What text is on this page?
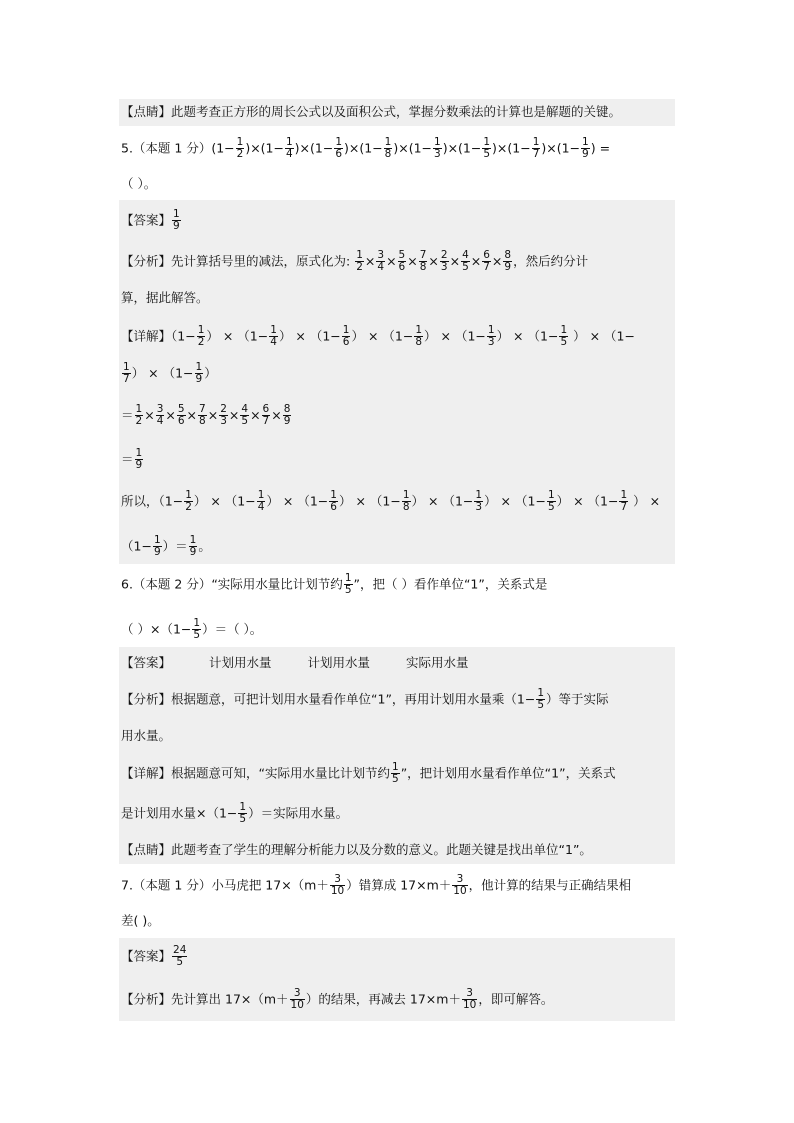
【点睛】此题考查正方形的周长公式以及面积公式，掌握分数乘法的计算也是解题的关键。
5.（本题 1 分）$(1- \frac{1}{2} )\times(1- \frac{1}{4} )\times(1- \frac{1}{6} )\times(1- \frac{1}{8} )\times(1- \frac{1}{3} )\times(1- \frac{1}{5} )\times(1- \frac{1}{7} )\times(1- \frac{1}{9}$ ) =
（ ）。
【答案】 $\frac{1}{9}$
【分析】先计算括号里的减法，原式化为: $\frac{1}{2} \times \frac{3}{4} \times \frac{5}{6} \times \frac{7}{8} \times \frac{2}{3} \times \frac{4}{5} \times \frac{6}{7} \times \frac{8}{9}$ ，然后约分计
算，据此解答。
【详解】（$1- \frac{1}{2}$ ） × （$1- \frac{1}{4}$ ） × （$1- \frac{1}{6}$ ） × （$1- \frac{1}{8}$ ） × （$1- \frac{1}{3}$ ） × （$1- \frac{1}{5}$ ） × （1−
$\frac{1}{7}$ ） × （$1- \frac{1}{9}$ ）
＝ $\frac{1}{2} \times \frac{3}{4} \times \frac{5}{6} \times \frac{7}{8} \times \frac{2}{3} \times \frac{4}{5} \times \frac{6}{7} \times \frac{8}{9}$
＝ $\frac{1}{9}$
所以，（$1- \frac{1}{2}$ ） × （$1- \frac{1}{4}$ ） × （$1- \frac{1}{6}$ ） × （$1- \frac{1}{8}$ ） × （$1- \frac{1}{3}$ ） × （$1- \frac{1}{5}$ ） × （$1- \frac{1}{7}$ ） ×
（$1- \frac{1}{9}$ ）＝ $\frac{1}{9}$ 。
6.（本题 2 分）“实际用水量比计划节约 $\frac{1}{5}$ ”，把（ ）看作单位“1”，关系式是
（ ）$\times(1- \frac{1}{5}$ ）＝（ ）。
【答案】	计划用水量	计划用水量	实际用水量
【分析】根据题意，可把计划用水量看作单位“1”，再用计划用水量乘（$1- \frac{1}{5}$ ）等于实际
用水量。
【详解】根据题意可知，“实际用水量比计划节约 $\frac{1}{5}$ ”，把计划用水量看作单位“1”，关系式
是计划用水量$\times(1- \frac{1}{5}$ ）＝实际用水量。
【点睛】此题考查了学生的理解分析能力以及分数的意义。此题关键是找出单位“1”。
7.（本题 1 分）小马虎把 $17\times(m+ \frac{3}{10}$ ）错算成 $17\times m+ \frac{3}{10}$ ，他计算的结果与正确结果相
差( )。
【答案】 $\frac{24}{5}$
【分析】先计算出 $17\times(m+ \frac{3}{10}$ ）的结果，再减去 $17\times m+ \frac{3}{10}$ ，即可解答。
